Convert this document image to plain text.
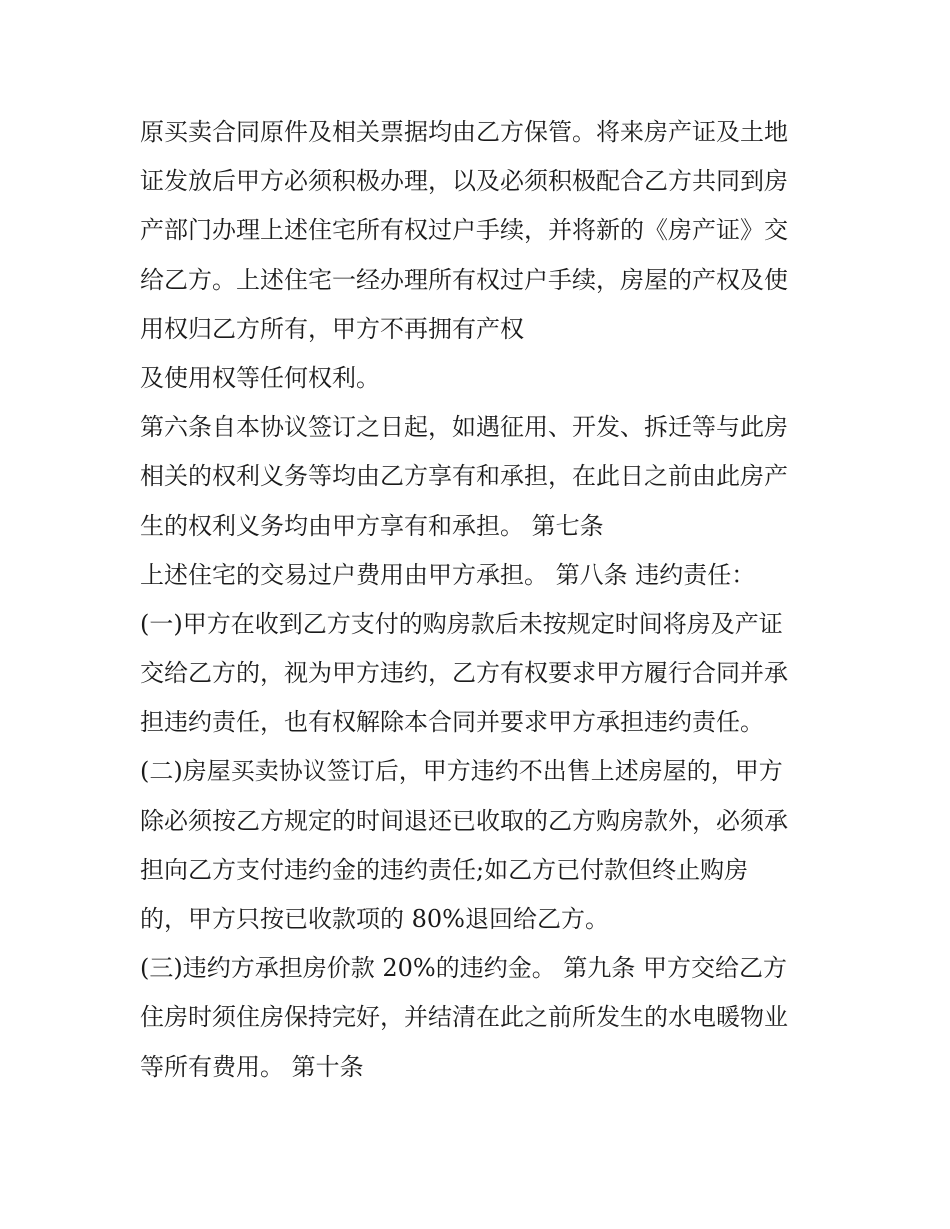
原买卖合同原件及相关票据均由乙方保管。将来房产证及土地
证发放后甲方必须积极办理，以及必须积极配合乙方共同到房
产部门办理上述住宅所有权过户手续，并将新的《房产证》交
给乙方。上述住宅一经办理所有权过户手续，房屋的产权及使
用权归乙方所有，甲方不再拥有产权
及使用权等任何权利。
第六条自本协议签订之日起，如遇征用、开发、拆迁等与此房
相关的权利义务等均由乙方享有和承担，在此日之前由此房产
生的权利义务均由甲方享有和承担。 第七条
上述住宅的交易过户费用由甲方承担。 第八条 违约责任：
(一)甲方在收到乙方支付的购房款后未按规定时间将房及产证
交给乙方的，视为甲方违约，乙方有权要求甲方履行合同并承
担违约责任，也有权解除本合同并要求甲方承担违约责任。
(二)房屋买卖协议签订后，甲方违约不出售上述房屋的，甲方
除必须按乙方规定的时间退还已收取的乙方购房款外，必须承
担向乙方支付违约金的违约责任;如乙方已付款但终止购房
的，甲方只按已收款项的 80%退回给乙方。
(三)违约方承担房价款 20%的违约金。 第九条 甲方交给乙方
住房时须住房保持完好，并结清在此之前所发生的水电暖物业
等所有费用。 第十条
